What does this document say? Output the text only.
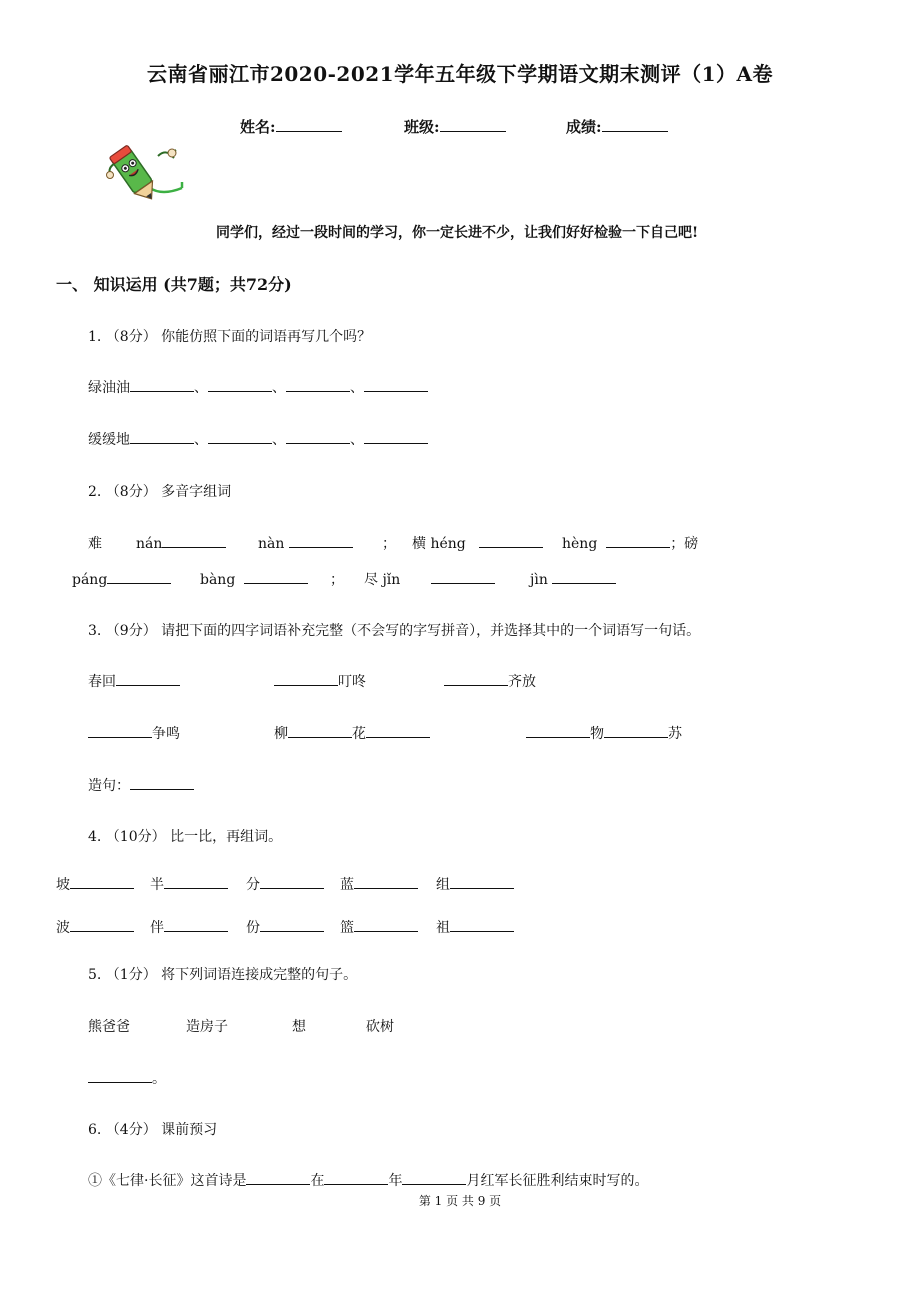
云南省丽江市2020-2021学年五年级下学期语文期末测评（1）A卷
姓名:	班级:	成绩:
同学们，经过一段时间的学习，你一定长进不少，让我们好好检验一下自己吧!
一、 知识运用 (共7题；共72分)
1. （8分） 你能仿照下面的词语再写几个吗？
绿油油	、	、	、
缓缓地	、	、	、
2. （8分） 多音字组词
难 nán	nàn	； 横 héng	hèng	；磅
páng	bàng	； 尽 jǐn	jìn
3. （9分） 请把下面的四字词语补充完整（不会写的字写拼音），并选择其中的一个词语写一句话。
春回	叮咚	齐放
争鸣	柳	花	物	苏
造句：
4. （10分） 比一比，再组词。
坡	半	分	蓝	组
波	伴	份	篮	祖
5. （1分） 将下列词语连接成完整的句子。
熊爸爸	造房子	想	砍树
。
6. （4分） 课前预习
①《七律·长征》这首诗是	在	年	月红军长征胜利结束时写的。
第 1 页 共 9 页
